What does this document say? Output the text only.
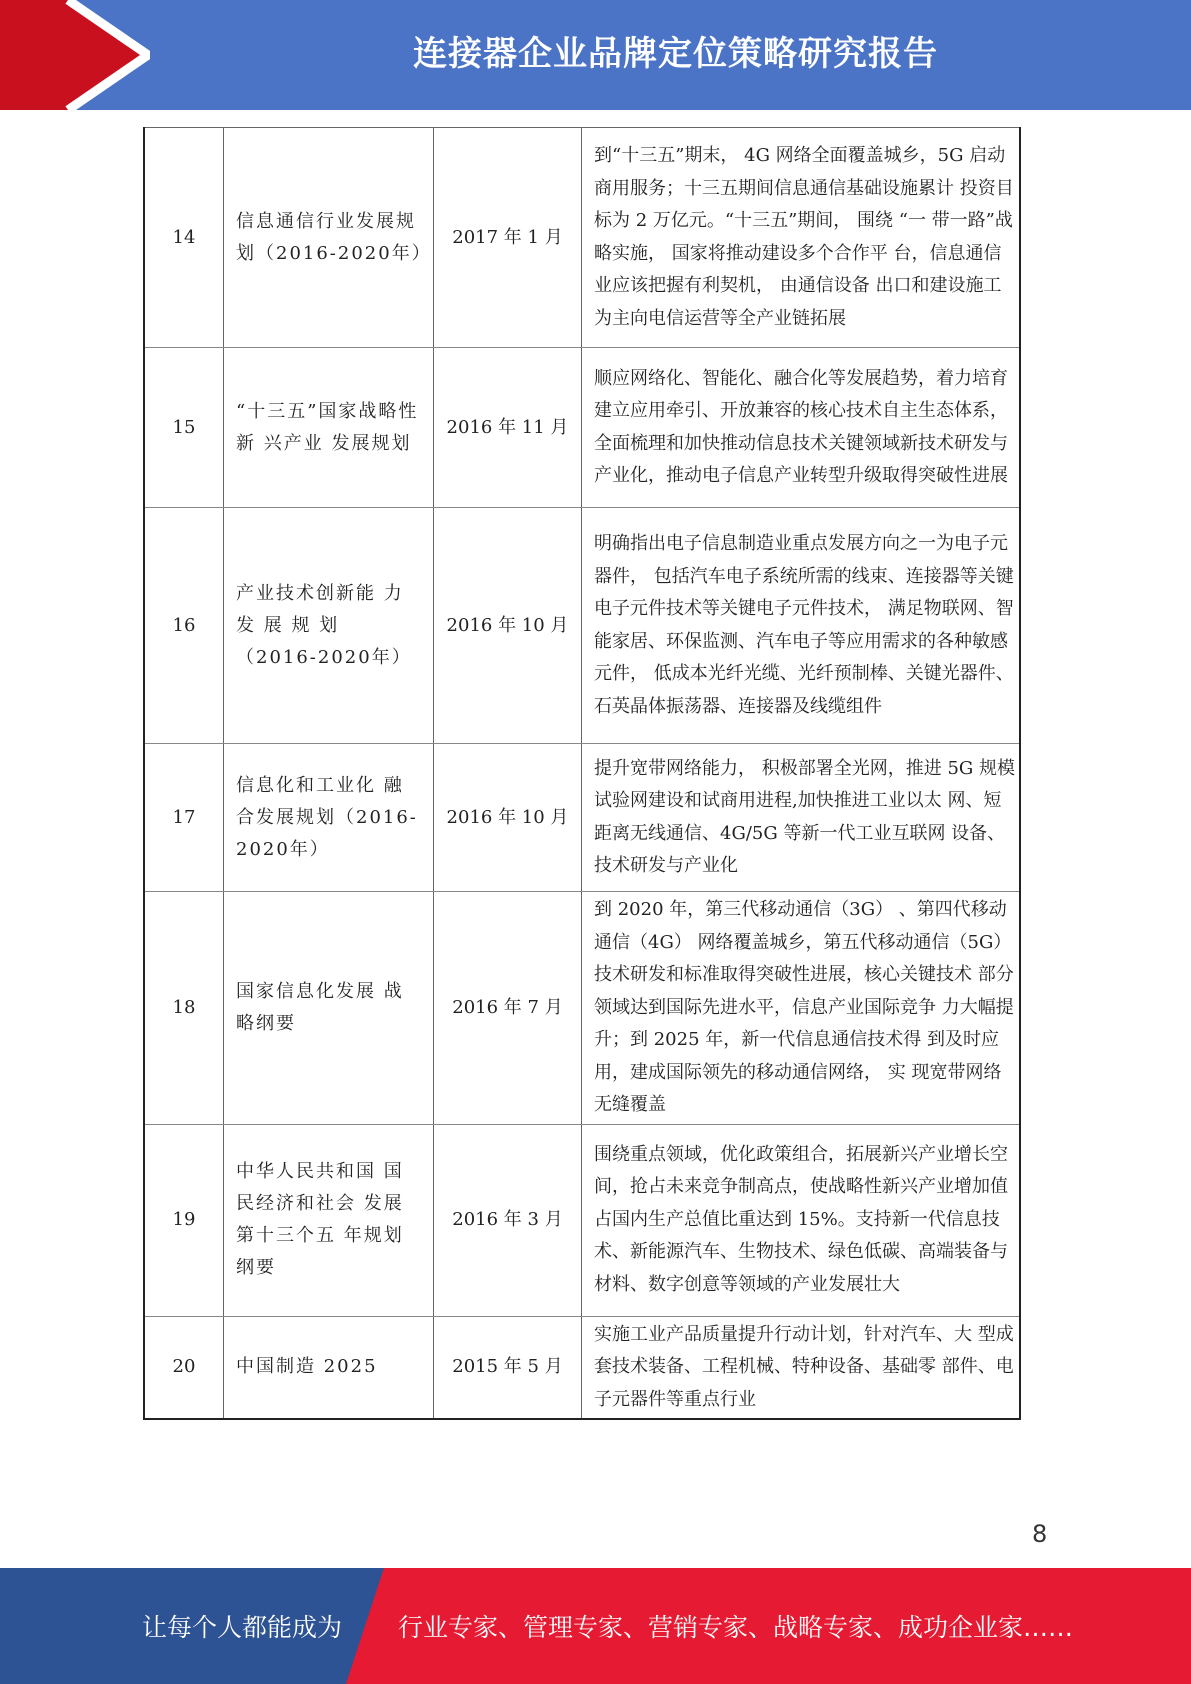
连接器企业品牌定位策略研究报告
14	信息通信行业发展规划（2016-2020年）	2017 年 1 月	到“十三五”期末， 4G 网络全面覆盖城乡，5G 启动商用服务；十三五期间信息通信基础设施累计 投资目标为 2 万亿元。“十三五”期间， 围绕 “一 带一路”战略实施， 国家将推动建设多个合作平 台，信息通信业应该把握有利契机， 由通信设备 出口和建设施工为主向电信运营等全产业链拓展
15	“十三五”国家战略性新 兴产业 发展规划	2016 年 11 月	顺应网络化、智能化、融合化等发展趋势，着力培育建立应用牵引、开放兼容的核心技术自主生态体系，全面梳理和加快推动信息技术关键领域新技术研发与产业化，推动电子信息产业转型升级取得突破性进展
16	产业技术创新能 力 发 展 规 划 （2016-2020年）	2016 年 10 月	明确指出电子信息制造业重点发展方向之一为电子元器件， 包括汽车电子系统所需的线束、连接器等关键电子元件技术等关键电子元件技术， 满足物联网、智能家居、环保监测、汽车电子等应用需求的各种敏感元件， 低成本光纤光缆、光纤预制棒、关键光器件、石英晶体振荡器、连接器及线缆组件
17	信息化和工业化 融合发展规划（2016-2020年）	2016 年 10 月	提升宽带网络能力， 积极部署全光网，推进 5G 规模试验网建设和试商用进程,加快推进工业以太 网、短距离无线通信、4G/5G 等新一代工业互联网 设备、技术研发与产业化
18	国家信息化发展 战略纲要	2016 年 7 月	到 2020 年，第三代移动通信（3G） 、第四代移动 通信（4G） 网络覆盖城乡，第五代移动通信（5G） 技术研发和标准取得突破性进展，核心关键技术 部分领域达到国际先进水平，信息产业国际竞争 力大幅提升；到 2025 年，新一代信息通信技术得 到及时应用，建成国际领先的移动通信网络， 实 现宽带网络无缝覆盖
19	中华人民共和国 国民经济和社会 发展第十三个五 年规划纲要	2016 年 3 月	围绕重点领域，优化政策组合，拓展新兴产业增长空间，抢占未来竞争制高点，使战略性新兴产业增加值占国内生产总值比重达到 15%。支持新一代信息技术、新能源汽车、生物技术、绿色低碳、高端装备与材料、数字创意等领域的产业发展壮大
20	中国制造 2025	2015 年 5 月	实施工业产品质量提升行动计划，针对汽车、大 型成套技术装备、工程机械、特种设备、基础零 部件、电子元器件等重点行业
8
让每个人都能成为 行业专家、管理专家、营销专家、战略专家、成功企业家……
